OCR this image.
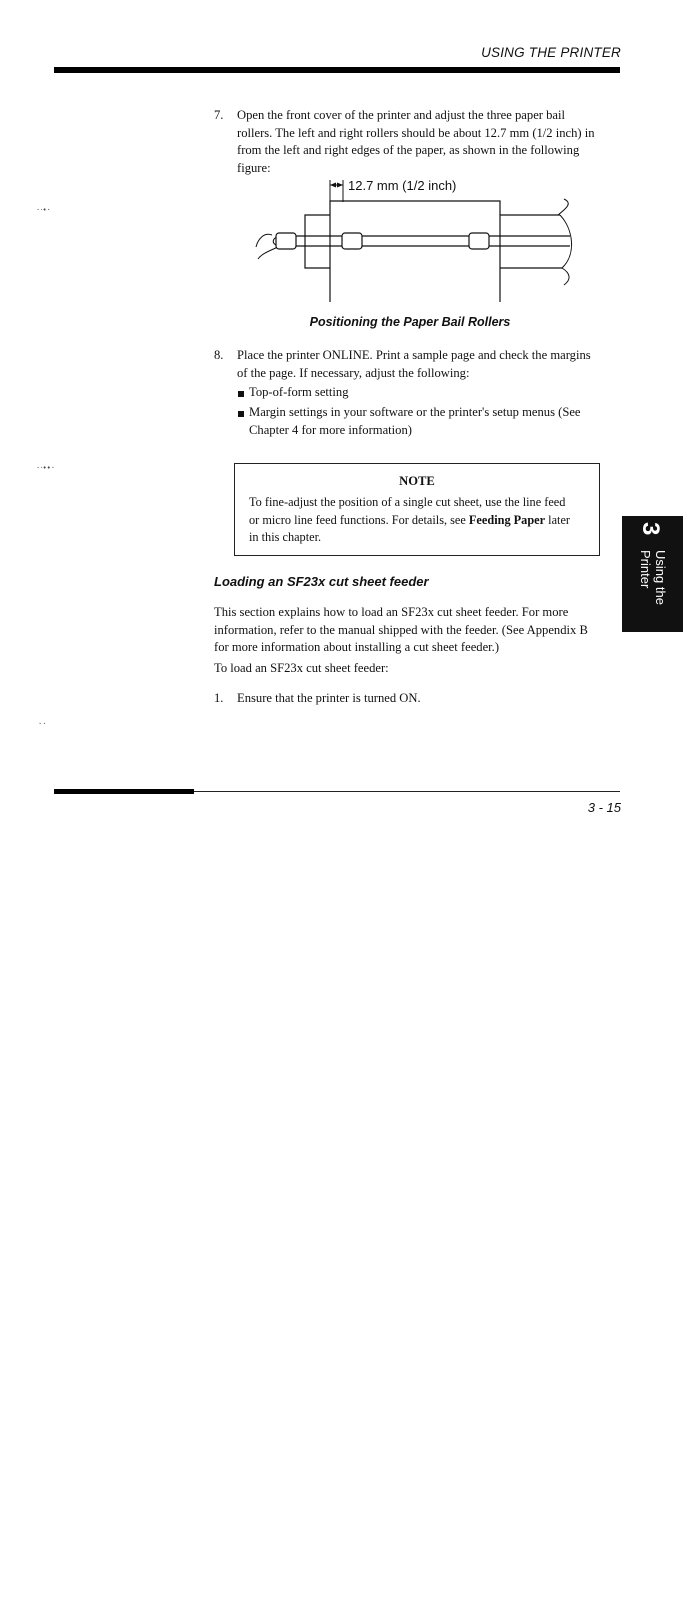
USING THE PRINTER
7.	Open the front cover of the printer and adjust the three paper bail
rollers. The left and right rollers should be about 12.7 mm (1/2 inch) in
from the left and right edges of the paper, as shown in the following
figure:
12.7 mm (1/2 inch)
Positioning the Paper Bail Rollers
8.	Place the printer ONLINE. Print a sample page and check the margins
of the page. If necessary, adjust the following:
Top-of-form setting
Margin settings in your software or the printer's setup menus (See
Chapter 4 for more information)
NOTE
To fine-adjust the position of a single cut sheet, use the line feed
or micro line feed functions. For details, see Feeding Paper later
in this chapter.
Loading an SF23x cut sheet feeder
This section explains how to load an SF23x cut sheet feeder. For more
information, refer to the manual shipped with the feeder. (See Appendix B
for more information about installing a cut sheet feeder.)
To load an SF23x cut sheet feeder:
1.	Ensure that the printer is turned ON.
3
Using the
Printer
·‧•·
·‧••·
··
3 - 15
